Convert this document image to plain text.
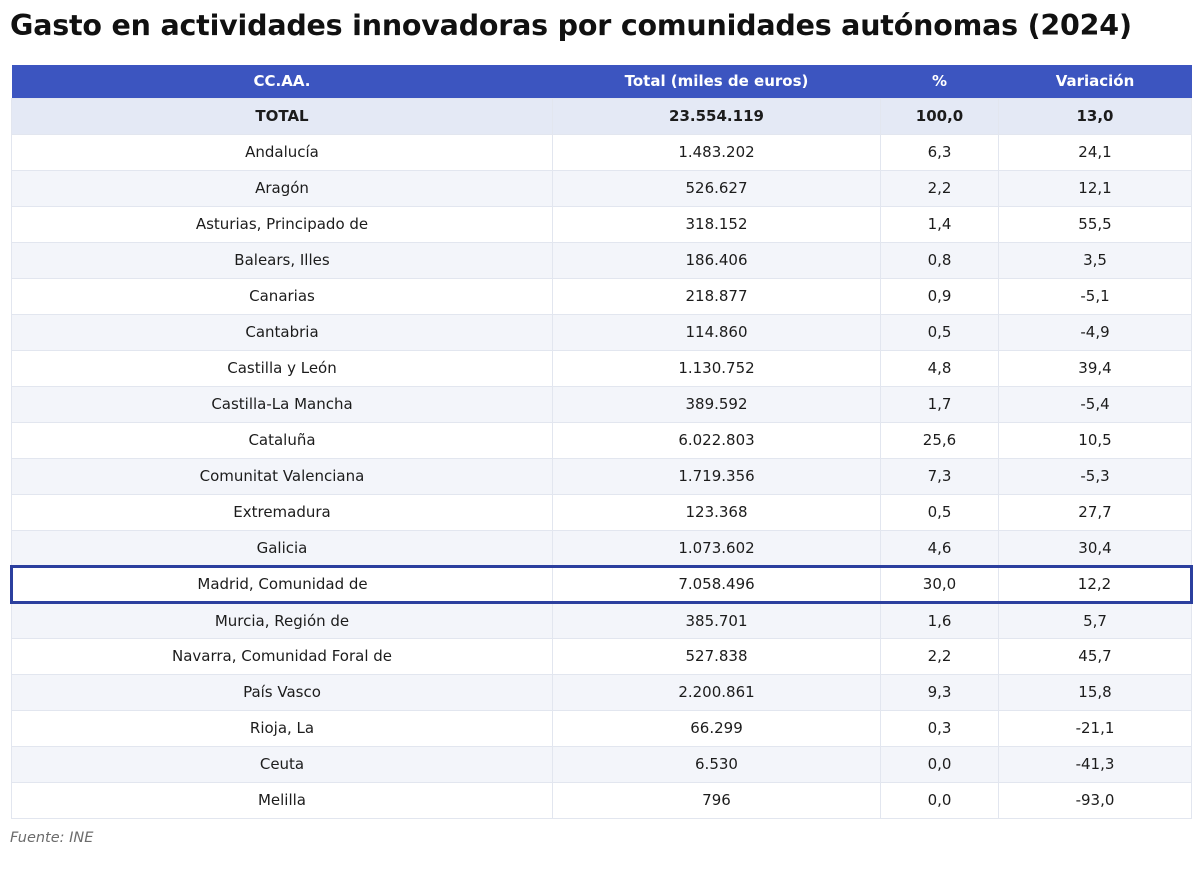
Gasto en actividades innovadoras por comunidades autónomas (2024)
CC.AA.	Total (miles de euros)	%	Variación
TOTAL	23.554.119	100,0	13,0
Andalucía	1.483.202	6,3	24,1
Aragón	526.627	2,2	12,1
Asturias, Principado de	318.152	1,4	55,5
Balears, Illes	186.406	0,8	3,5
Canarias	218.877	0,9	-5,1
Cantabria	114.860	0,5	-4,9
Castilla y León	1.130.752	4,8	39,4
Castilla-La Mancha	389.592	1,7	-5,4
Cataluña	6.022.803	25,6	10,5
Comunitat Valenciana	1.719.356	7,3	-5,3
Extremadura	123.368	0,5	27,7
Galicia	1.073.602	4,6	30,4
Madrid, Comunidad de	7.058.496	30,0	12,2
Murcia, Región de	385.701	1,6	5,7
Navarra, Comunidad Foral de	527.838	2,2	45,7
País Vasco	2.200.861	9,3	15,8
Rioja, La	66.299	0,3	-21,1
Ceuta	6.530	0,0	-41,3
Melilla	796	0,0	-93,0
Fuente: INE
